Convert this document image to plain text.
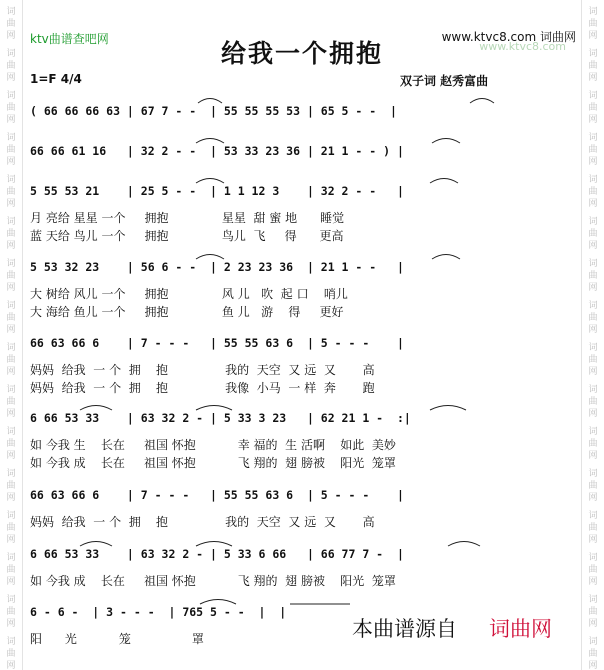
词
曲
网
词
曲
网
词
曲
网
词
曲
网
词
曲
网
词
曲
网
词
曲
网
词
曲
网
词
曲
网
词
曲
网
词
曲
网
词
曲
网
词
曲
网
词
曲
网
词
曲
网
词
曲
网
词
曲
网
词
曲
网
词
曲
网
词
曲
网
词
曲
网
词
曲
网
词
曲
网
词
曲
网
词
曲
网
词
曲
网
词
曲
网
词
曲
网
词
曲
网
词
曲
网
词
曲
网
词
曲
网
ktv曲谱查吧网	www.ktvc8.com 词曲网
www.ktvc8.com
给我一个拥抱
1=F 4/4	双子词 赵秀富曲
( 66 66 66 63 | 67 7 - -  | 55 55 55 53 | 65 5 - -  |
66 66 61 16   | 32 2 - -  | 53 33 23 36 | 21 1 - - ) |
5 55 53 21    | 25 5 - -  | 1 1 12 3    | 32 2 - -   |
月 亮给 星星 一个     拥抱              星星  甜 蜜 地      睡觉
蓝 天给 鸟儿 一个     拥抱              鸟儿  飞     得      更高
5 53 32 23    | 56 6 - -  | 2 23 23 36  | 21 1 - -   |
大 树给 风儿 一个     拥抱              风 儿   吹  起 口    哨儿
大 海给 鱼儿 一个     拥抱              鱼 儿   游    得     更好
66 63 66 6    | 7 - - -   | 55 55 63 6  | 5 - - -    |
妈妈  给我  一 个  拥    抱               我的  天空  又 远  又       高
妈妈  给我  一 个  拥    抱               我像  小马  一 样  奔       跑
6 66 53 33    | 63 32 2 - | 5 33 3 23   | 62 21 1 -  :|
如 今我 生    长在     祖国 怀抱           幸 福的  生 活啊    如此  美妙
如 今我 成    长在     祖国 怀抱           飞 翔的  翅 膀被    阳光  笼罩
66 63 66 6    | 7 - - -   | 55 55 63 6  | 5 - - -    |
妈妈  给我  一 个  拥    抱               我的  天空  又 远  又       高
6 66 53 33    | 63 32 2 - | 5 33 6 66   | 66 77 7 -  |
如 今我 成    长在     祖国 怀抱           飞 翔的  翅 膀被    阳光  笼罩
6 - 6 -  | 3 - - -  | 765 5 - -  |  |
阳      光           笼                罩	本曲谱源自 词曲网
